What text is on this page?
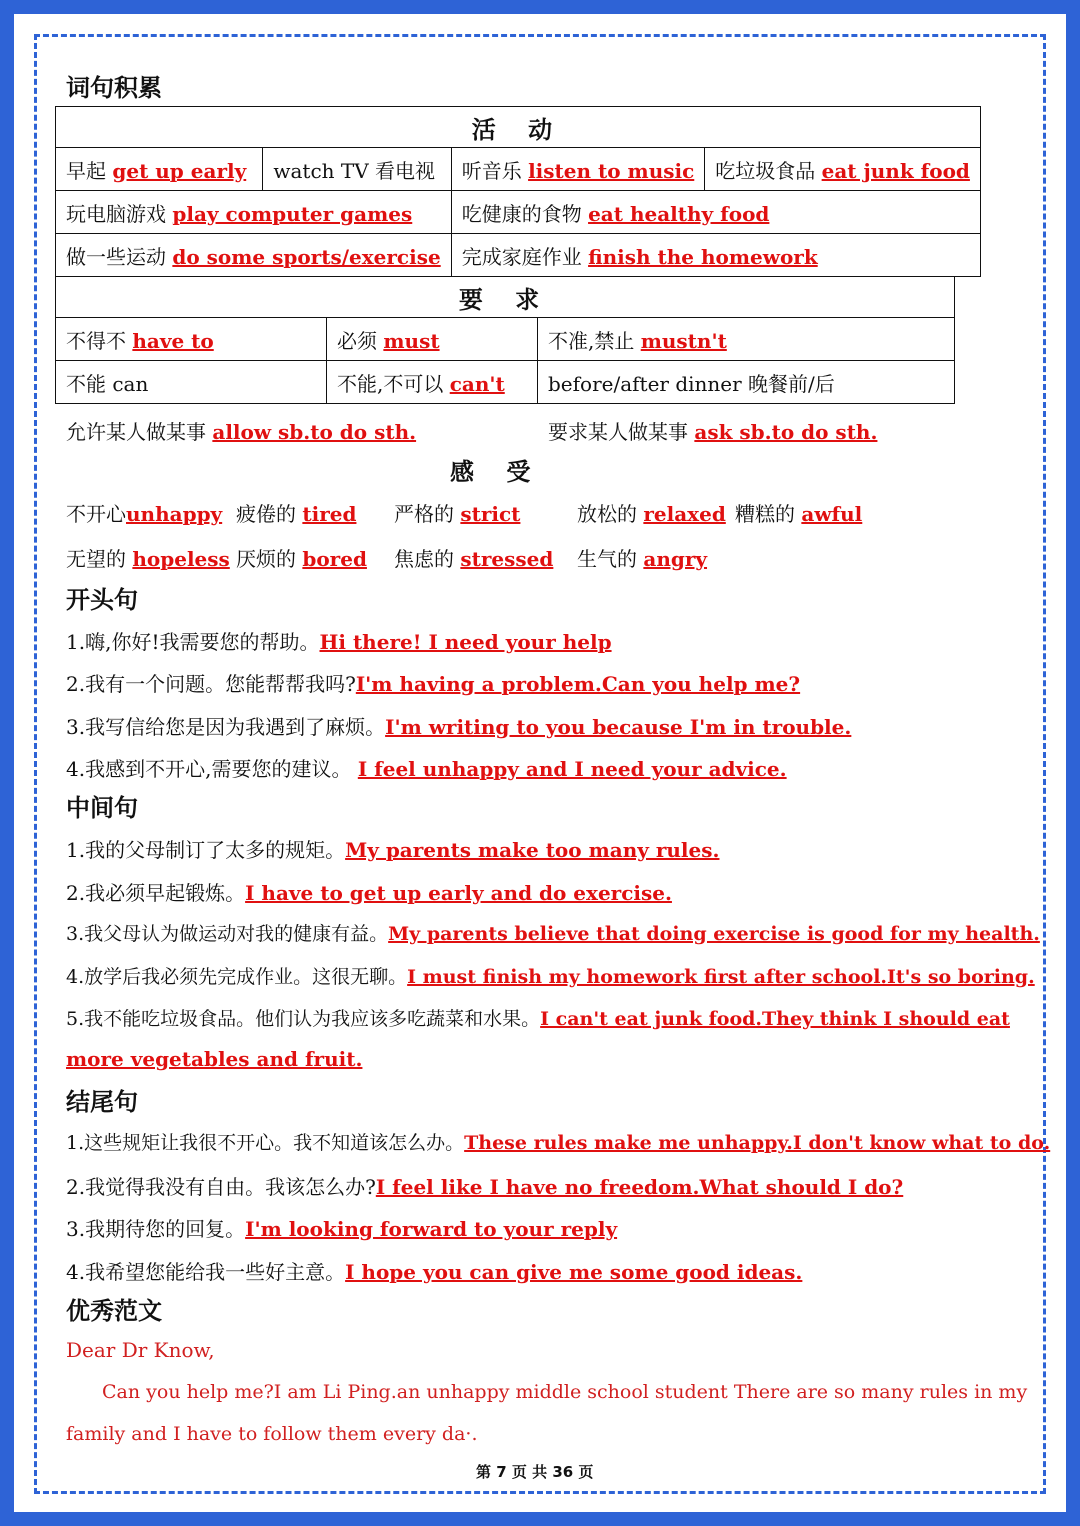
词句积累
活 动			
早起 get up early	watch TV 看电视	听音乐 listen to music	吃垃圾食品 eat junk food
玩电脑游戏 play computer games		吃健康的食物 eat healthy food	
做一些运动 do some sports/exercise		完成家庭作业 finish the homework	
要 求		
不得不 have to	必须 must	不准,禁止 mustn't
不能 can	不能,不可以 can't	before/after dinner 晚餐前/后
允许某人做某事 allow sb.to do sth.	要求某人做某事 ask sb.to do sth.
感 受
不开心unhappy 疲倦的 tired 严格的 strict	放松的 relaxed 糟糕的 awful
无望的 hopeless 厌烦的 bored 焦虑的 stressed 生气的 angry
开头句
1.嗨,你好!我需要您的帮助。Hi there! I need your help
2.我有一个问题。您能帮帮我吗?I'm having a problem.Can you help me?
3.我写信给您是因为我遇到了麻烦。I'm writing to you because I'm in trouble.
4.我感到不开心,需要您的建议。 I feel unhappy and I need your advice.
中间句
1.我的父母制订了太多的规矩。My parents make too many rules.
2.我必须早起锻炼。I have to get up early and do exercise.
3.我父母认为做运动对我的健康有益。My parents believe that doing exercise is good for my health.
4.放学后我必须先完成作业。这很无聊。I must finish my homework first after school.It's so boring.
5.我不能吃垃圾食品。他们认为我应该多吃蔬菜和水果。I can't eat junk food.They think I should eat
more vegetables and fruit.
结尾句
1.这些规矩让我很不开心。我不知道该怎么办。These rules make me unhappy.I don't know what to do.
2.我觉得我没有自由。我该怎么办?I feel like I have no freedom.What should I do?
3.我期待您的回复。I'm looking forward to your reply
4.我希望您能给我一些好主意。I hope you can give me some good ideas.
优秀范文
Dear Dr Know,
Can you help me?I am Li Ping.an unhappy middle school student There are so many rules in my
family and I have to follow them every da·.
第 7 页 共 36 页
